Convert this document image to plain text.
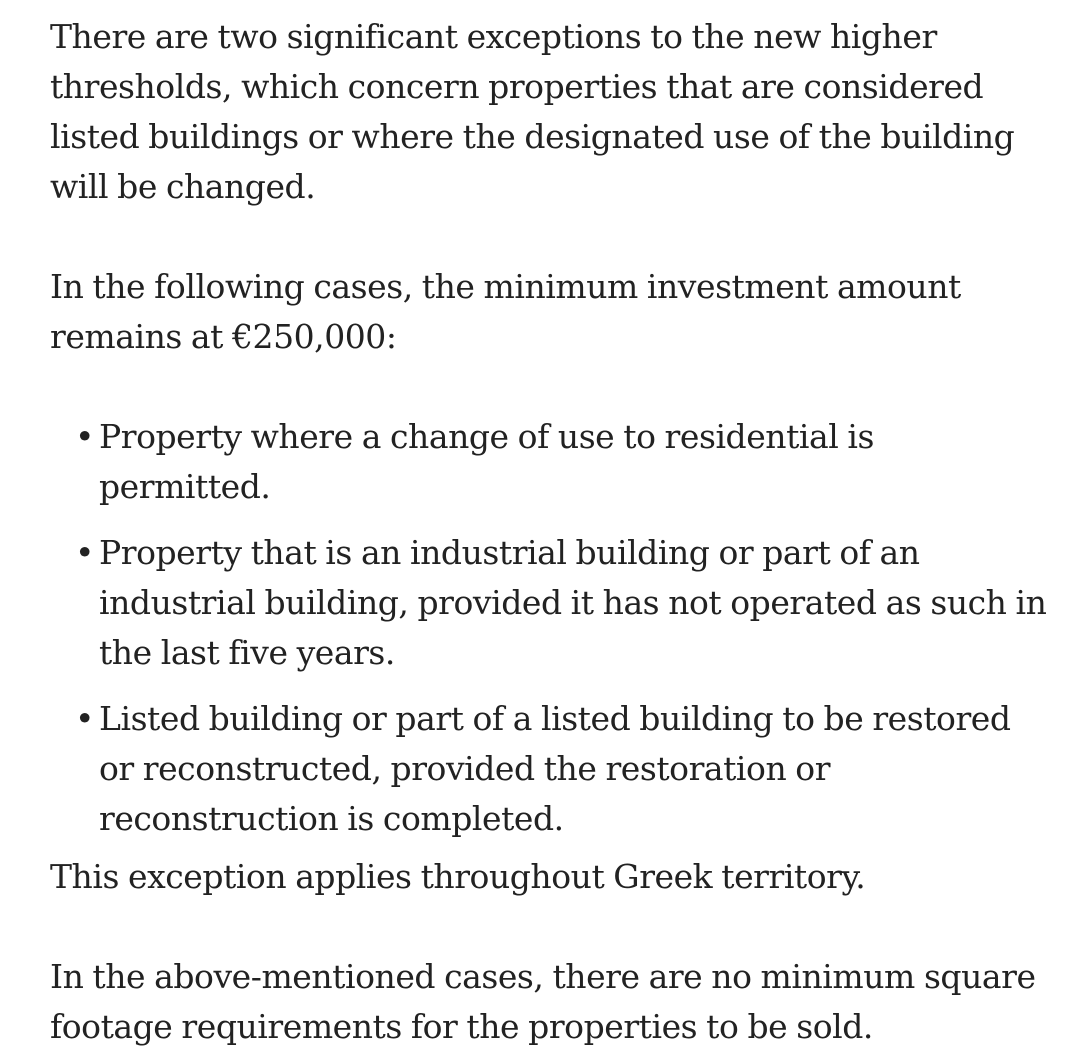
There are two significant exceptions to the new higher thresholds, which concern properties that are considered listed buildings or where the designated use of the building will be changed.

In the following cases, the minimum investment amount remains at €250,000:

• Property where a change of use to residential is permitted.
• Property that is an industrial building or part of an industrial building, provided it has not operated as such in the last five years.
• Listed building or part of a listed building to be restored or reconstructed, provided the restoration or reconstruction is completed.

This exception applies throughout Greek territory.

In the above-mentioned cases, there are no minimum square footage requirements for the properties to be sold.
